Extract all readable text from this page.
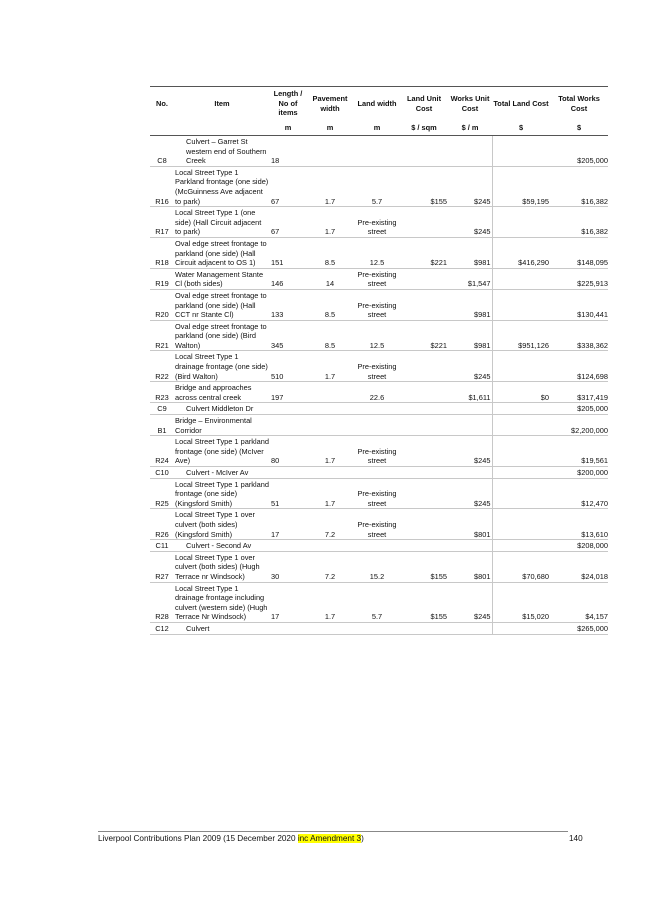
No.	Item	Length / No of items	Pavement width	Land width	Land Unit Cost	Works Unit Cost	Total Land Cost	Total Works Cost
		m	m	m	$ / sqm	$ / m	$	$
C8	Culvert – Garret St western end of Southern Creek	18						$205,000
R16	Local Street Type 1 Parkland frontage (one side) (McGuinness Ave adjacent to park)	67	1.7	5.7	$155	$245	$59,195	$16,382
R17	Local Street Type 1 (one side) (Hall Circuit adjacent to park)	67	1.7	Pre-existing street		$245		$16,382
R18	Oval edge street frontage to parkland (one side) (Hall Circuit adjacent to OS 1)	151	8.5	12.5	$221	$981	$416,290	$148,095
R19	Water Management Stante Cl (both sides)	146	14	Pre-existing street		$1,547		$225,913
R20	Oval edge street frontage to parkland (one side) (Hall CCT nr Stante Cl)	133	8.5	Pre-existing street		$981		$130,441
R21	Oval edge street frontage to parkland (one side) (Bird Walton)	345	8.5	12.5	$221	$981	$951,126	$338,362
R22	Local Street Type 1 drainage frontage (one side) (Bird Walton)	510	1.7	Pre-existing street		$245		$124,698
R23	Bridge and approaches across central creek	197		22.6		$1,611	$0	$317,419
C9	Culvert Middleton Dr							$205,000
B1	Bridge – Environmental Corridor							$2,200,000
R24	Local Street Type 1 parkland frontage (one side) (McIver Ave)	80	1.7	Pre-existing street		$245		$19,561
C10	Culvert - McIver Av							$200,000
R25	Local Street Type 1 parkland frontage (one side) (Kingsford Smith)	51	1.7	Pre-existing street		$245		$12,470
R26	Local Street Type 1 over culvert (both sides) (Kingsford Smith)	17	7.2	Pre-existing street		$801		$13,610
C11	Culvert - Second Av							$208,000
R27	Local Street Type 1 over culvert (both sides) (Hugh Terrace nr Windsock)	30	7.2	15.2	$155	$801	$70,680	$24,018
R28	Local Street Type 1 drainage frontage including culvert (western side) (Hugh Terrace Nr Windsock)	17	1.7	5.7	$155	$245	$15,020	$4,157
C12	Culvert							$265,000
Liverpool Contributions Plan 2009 (15 December 2020 inc Amendment 3)	140
